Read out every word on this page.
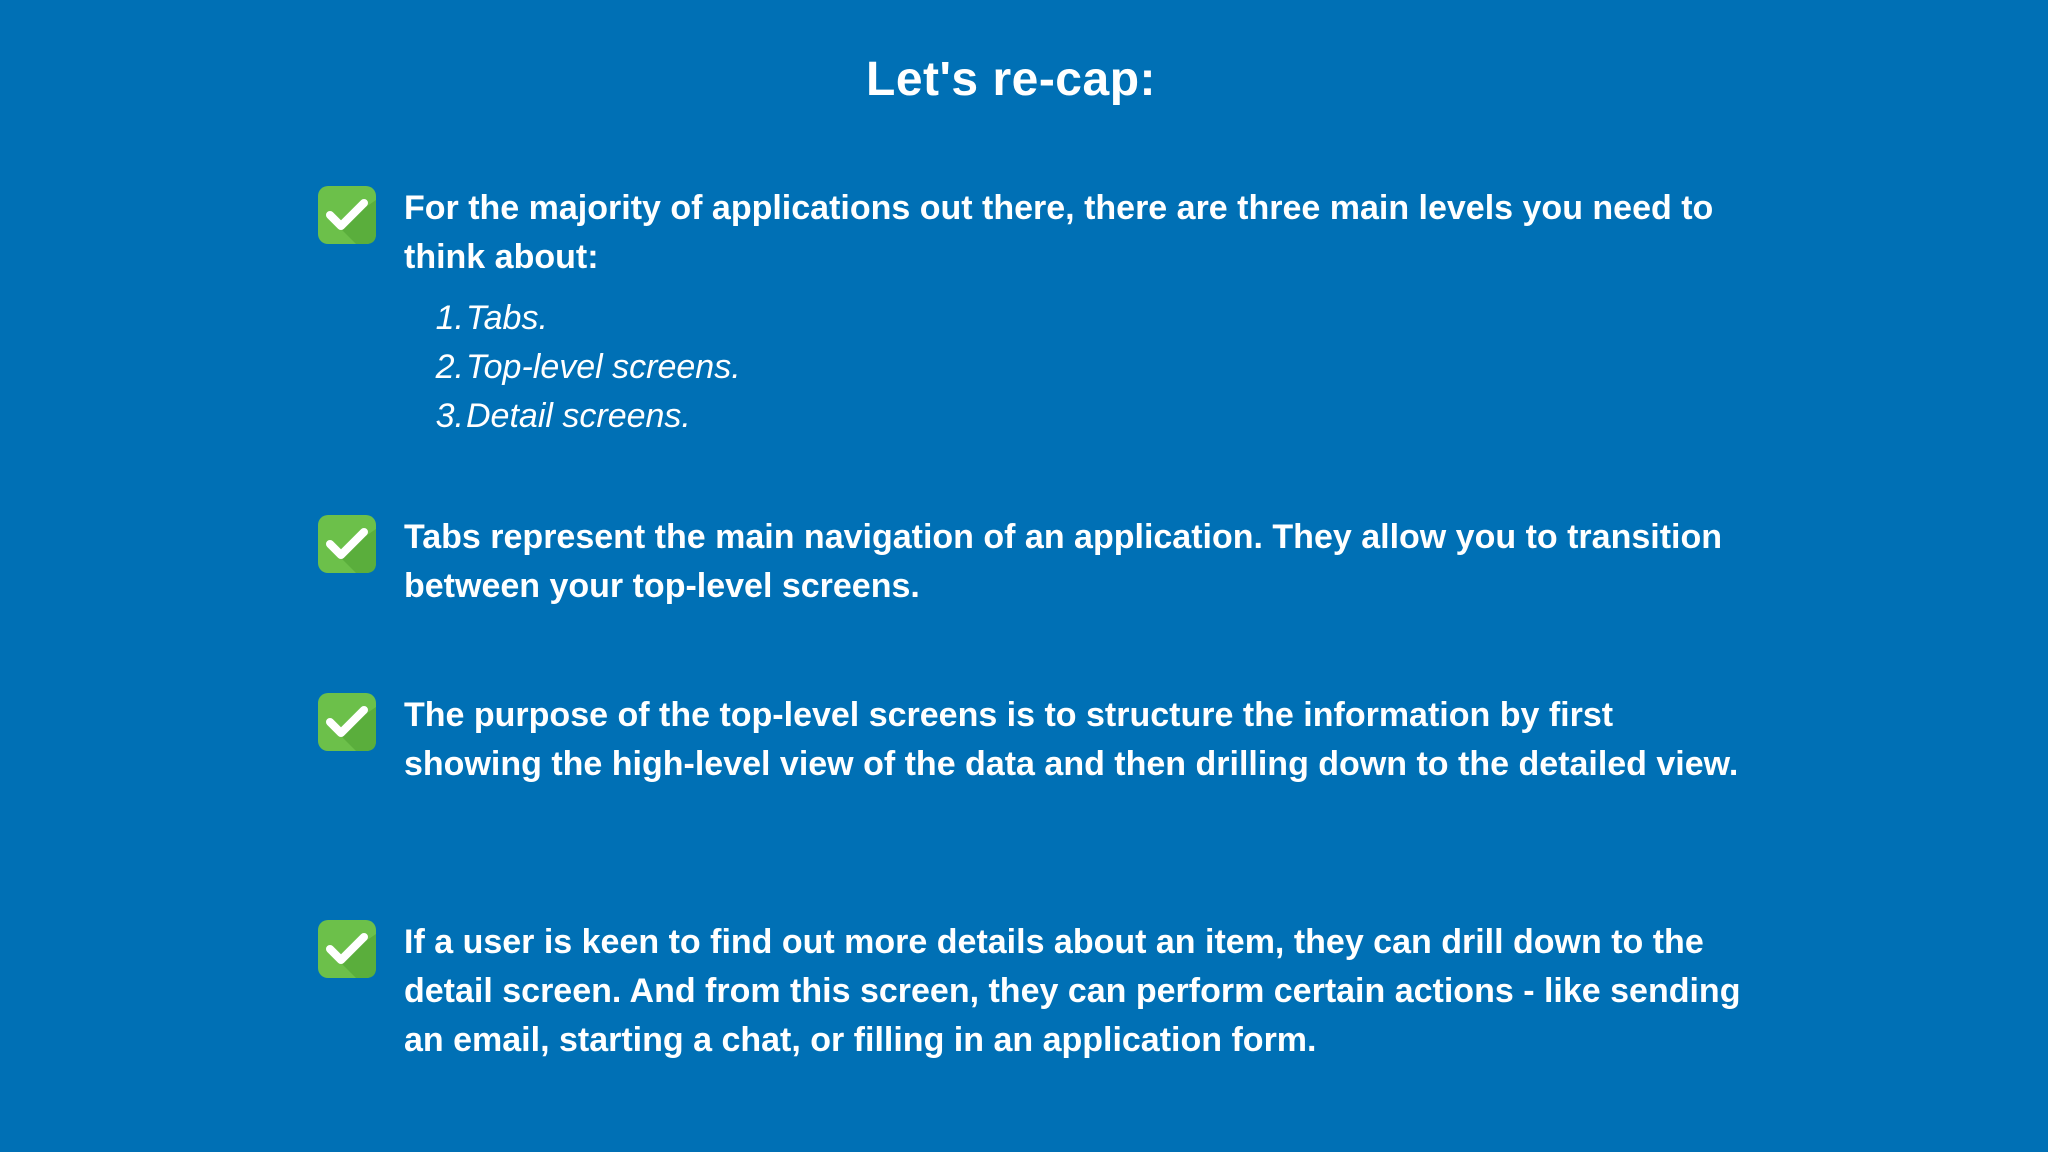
Let's re-cap:
For the majority of applications out there, there are three main levels you need to think about:
1. Tabs.
2. Top-level screens.
3. Detail screens.
Tabs represent the main navigation of an application. They allow you to transition between your top-level screens.
The purpose of the top-level screens is to structure the information by first showing the high-level view of the data and then drilling down to the detailed view.
If a user is keen to find out more details about an item, they can drill down to the detail screen. And from this screen, they can perform certain actions - like sending an email, starting a chat, or filling in an application form.
